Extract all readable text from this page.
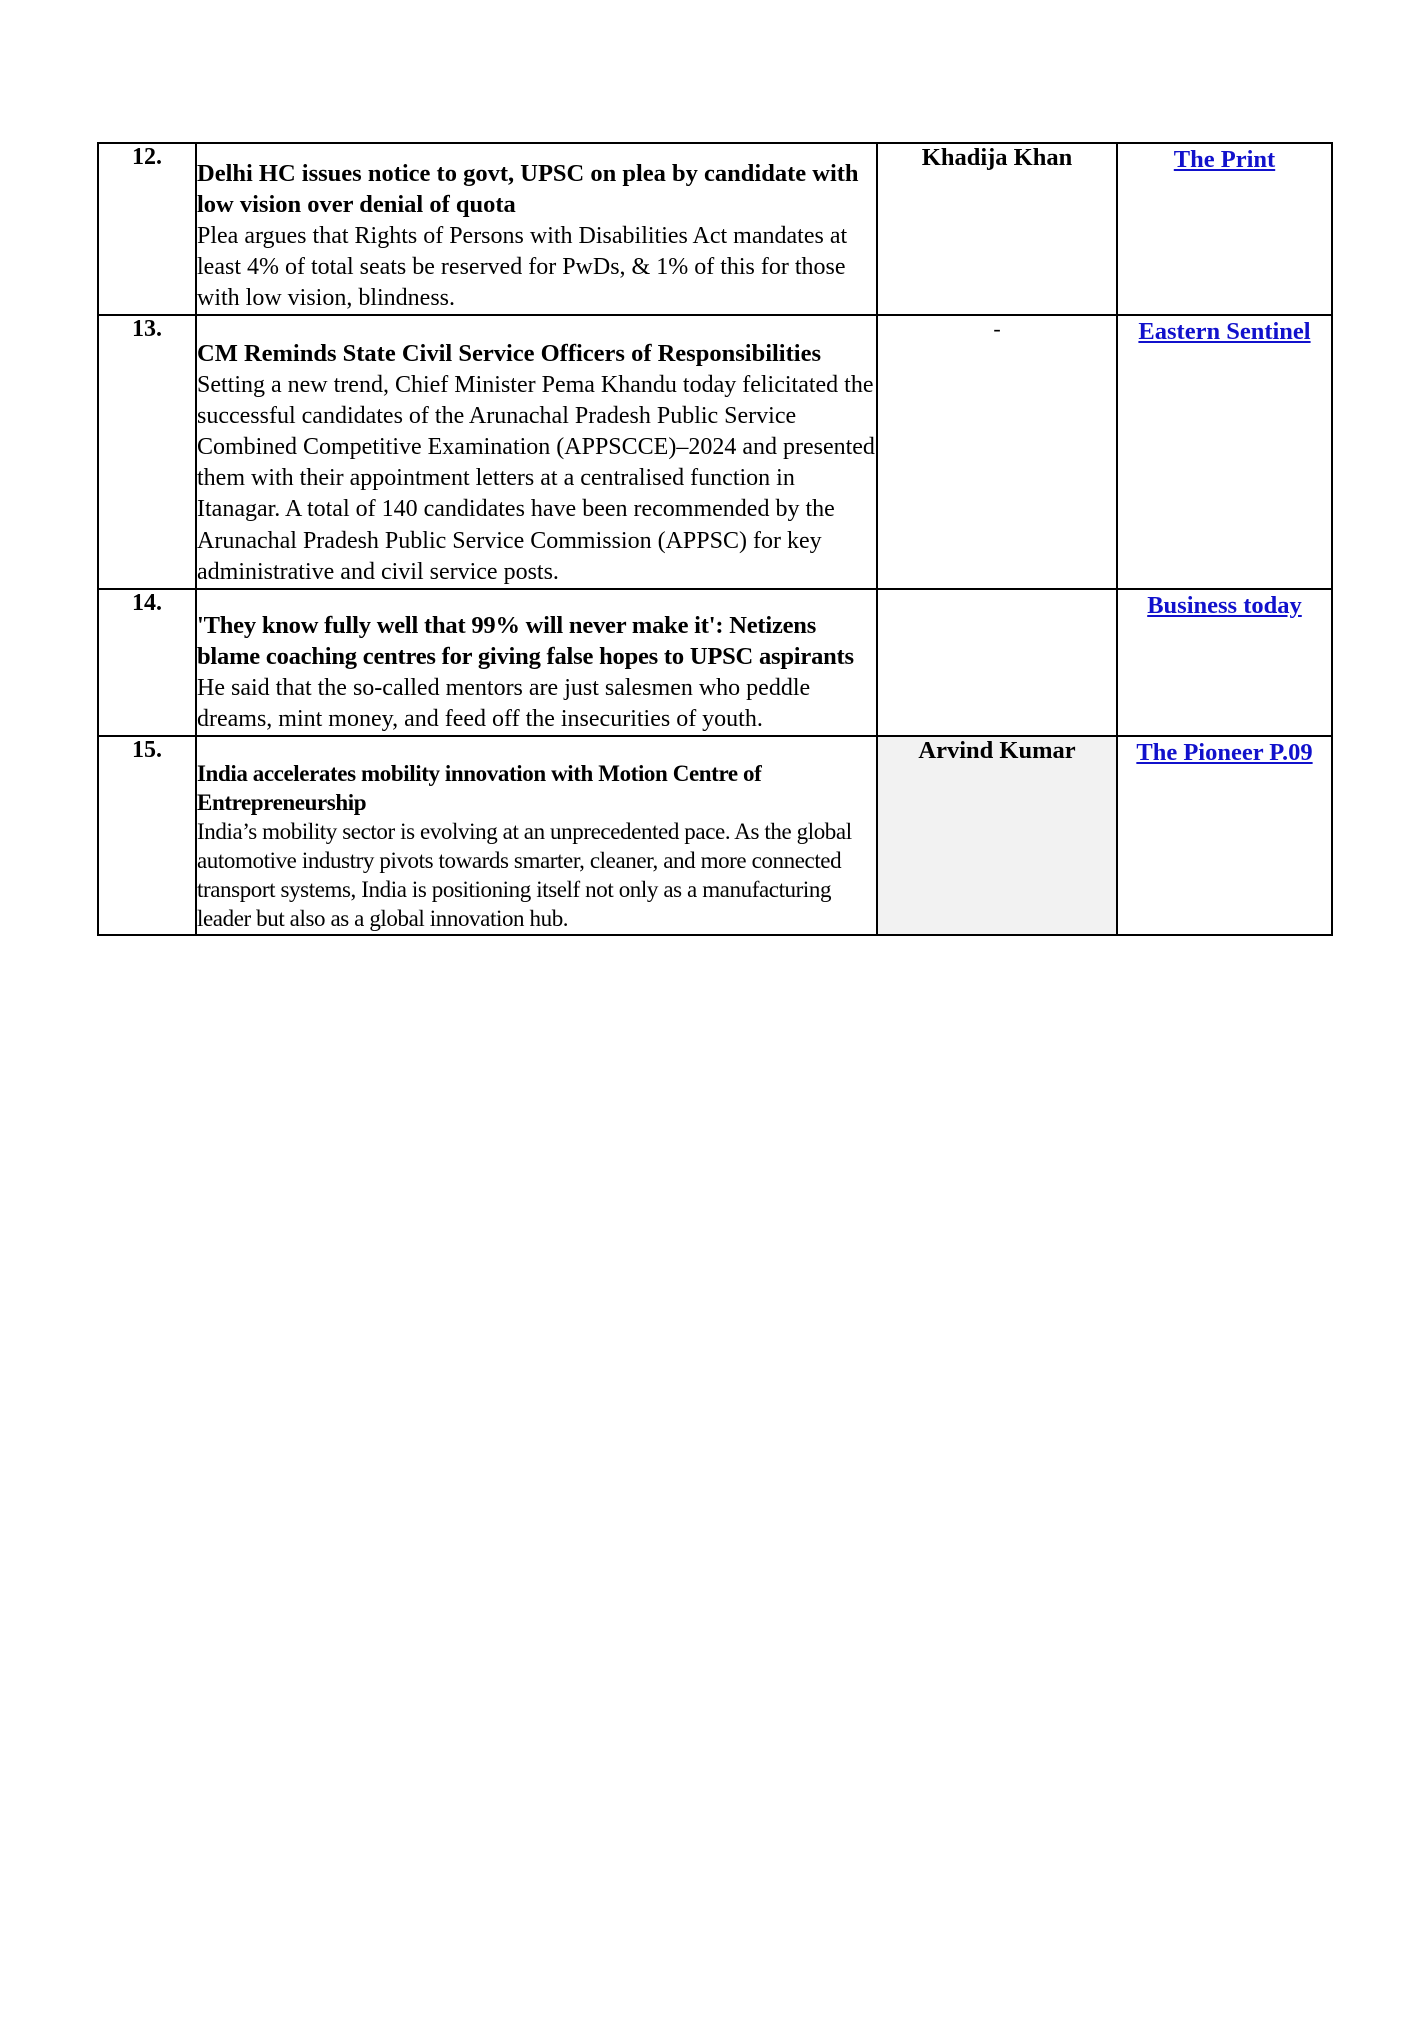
12.	Delhi HC issues notice to govt, UPSC on plea by candidate with low vision over denial of quota
Plea argues that Rights of Persons with Disabilities Act mandates at least 4% of total seats be reserved for PwDs, & 1% of this for those with low vision, blindness.	Khadija Khan	The Print
13.	CM Reminds State Civil Service Officers of Responsibilities
Setting a new trend, Chief Minister Pema Khandu today felicitated the successful candidates of the Arunachal Pradesh Public Service Combined Competitive Examination (APPSCCE)–2024 and presented them with their appointment letters at a centralised function in Itanagar. A total of 140 candidates have been recommended by the Arunachal Pradesh Public Service Commission (APPSC) for key administrative and civil service posts.	-	Eastern Sentinel
14.	'They know fully well that 99% will never make it': Netizens blame coaching centres for giving false hopes to UPSC aspirants
He said that the so-called mentors are just salesmen who peddle dreams, mint money, and feed off the insecurities of youth.		Business today
15.	India accelerates mobility innovation with Motion Centre of Entrepreneurship
India’s mobility sector is evolving at an unprecedented pace. As the global automotive industry pivots towards smarter, cleaner, and more connected transport systems, India is positioning itself not only as a manufacturing leader but also as a global innovation hub.	Arvind Kumar	The Pioneer P.09
